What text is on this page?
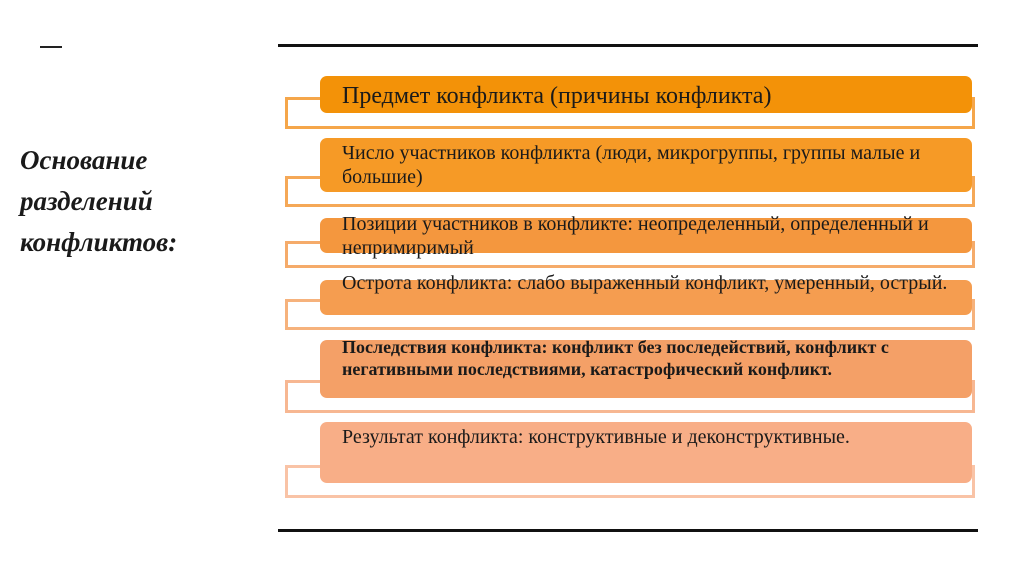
Основание
разделений
конфликтов:
Предмет конфликта (причины конфликта)
Число участников конфликта (люди, микрогруппы, группы малые и большие)
Позиции участников в конфликте: неопределенный, определенный и непримиримый
Острота конфликта: слабо выраженный конфликт, умеренный, острый.
Последствия конфликта: конфликт без последействий, конфликт с негативными последствиями, катастрофический конфликт.
Результат конфликта: конструктивные и деконструктивные.
